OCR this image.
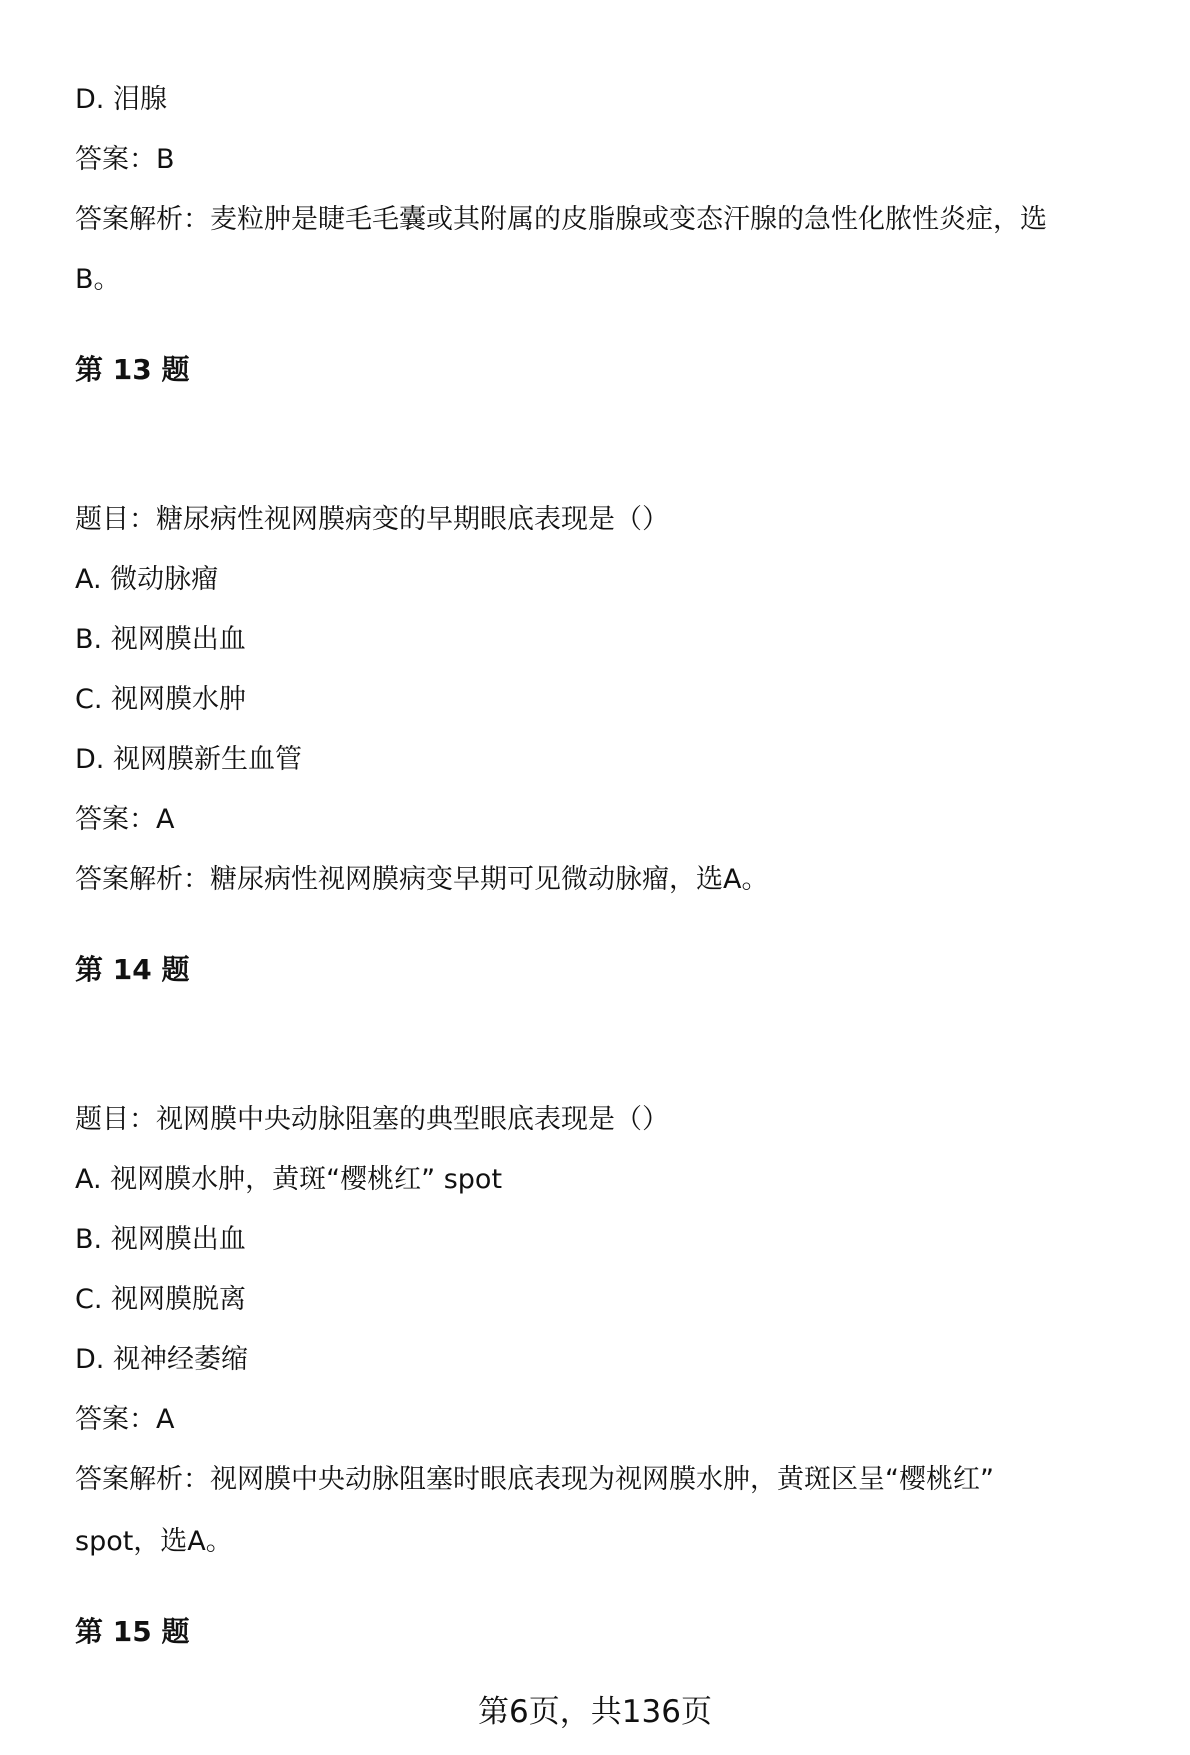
D. 泪腺
答案：B
答案解析：麦粒肿是睫毛毛囊或其附属的皮脂腺或变态汗腺的急性化脓性炎症，选
B。
第 13 题
题目：糖尿病性视网膜病变的早期眼底表现是（）
A. 微动脉瘤
B. 视网膜出血
C. 视网膜水肿
D. 视网膜新生血管
答案：A
答案解析：糖尿病性视网膜病变早期可见微动脉瘤，选A。
第 14 题
题目：视网膜中央动脉阻塞的典型眼底表现是（）
A. 视网膜水肿，黄斑“樱桃红” spot
B. 视网膜出血
C. 视网膜脱离
D. 视神经萎缩
答案：A
答案解析：视网膜中央动脉阻塞时眼底表现为视网膜水肿，黄斑区呈“樱桃红”
spot，选A。
第 15 题
第6页，共136页
